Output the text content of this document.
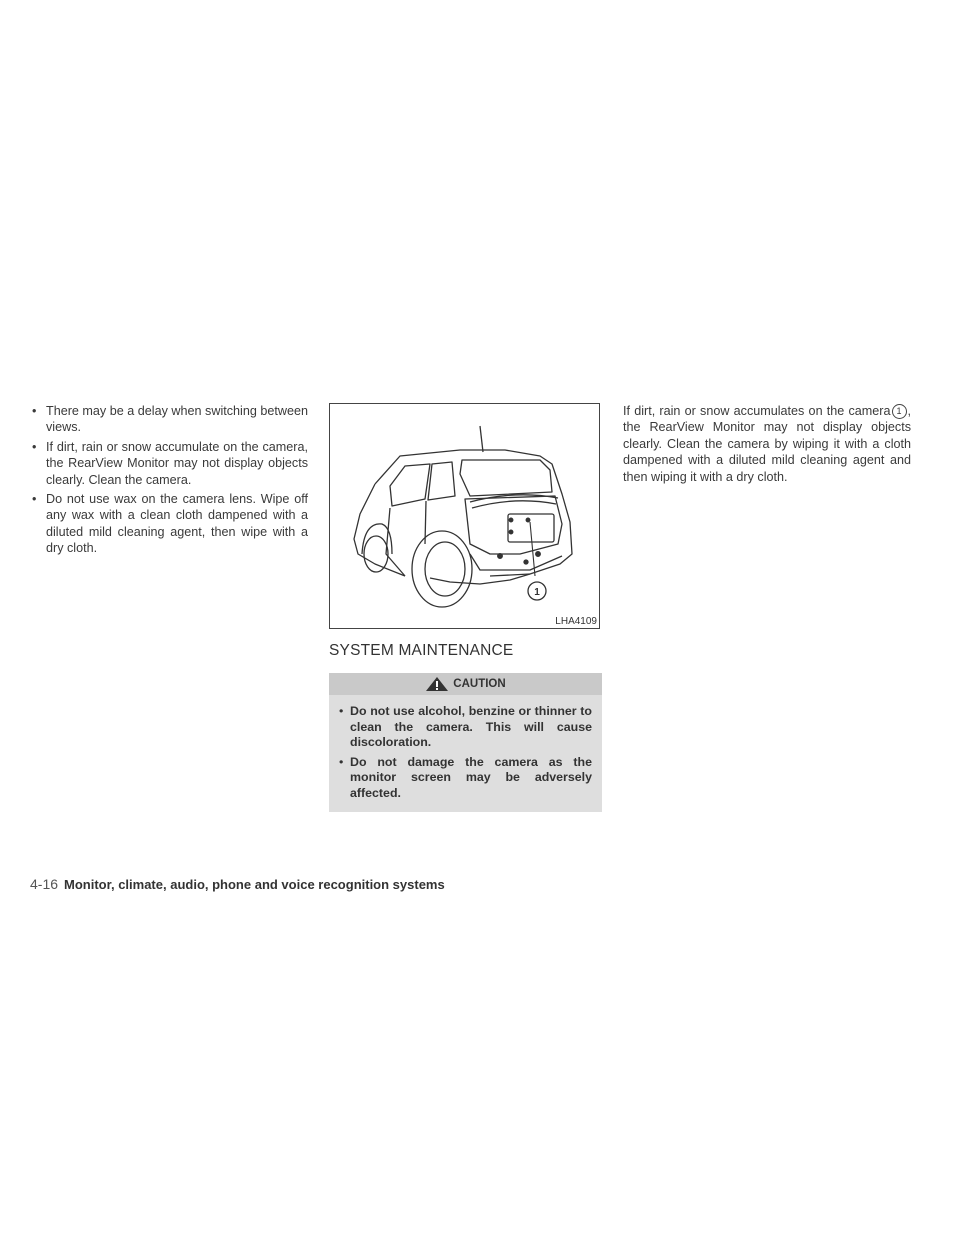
• There may be a delay when switching between views.
• If dirt, rain or snow accumulate on the camera, the RearView Monitor may not display objects clearly. Clean the camera.
• Do not use wax on the camera lens. Wipe off any wax with a clean cloth dampened with a diluted mild cleaning agent, then wipe with a dry cloth.
1
LHA4109
SYSTEM MAINTENANCE
CAUTION
• Do not use alcohol, benzine or thinner to clean the camera. This will cause discoloration.
• Do not damage the camera as the monitor screen may be adversely affected.

If dirt, rain or snow accumulates on the camera 1 , the RearView Monitor may not display objects clearly. Clean the camera by wiping it with a cloth dampened with a diluted mild cleaning agent and then wiping it with a dry cloth.

4-16 Monitor, climate, audio, phone and voice recognition systems
